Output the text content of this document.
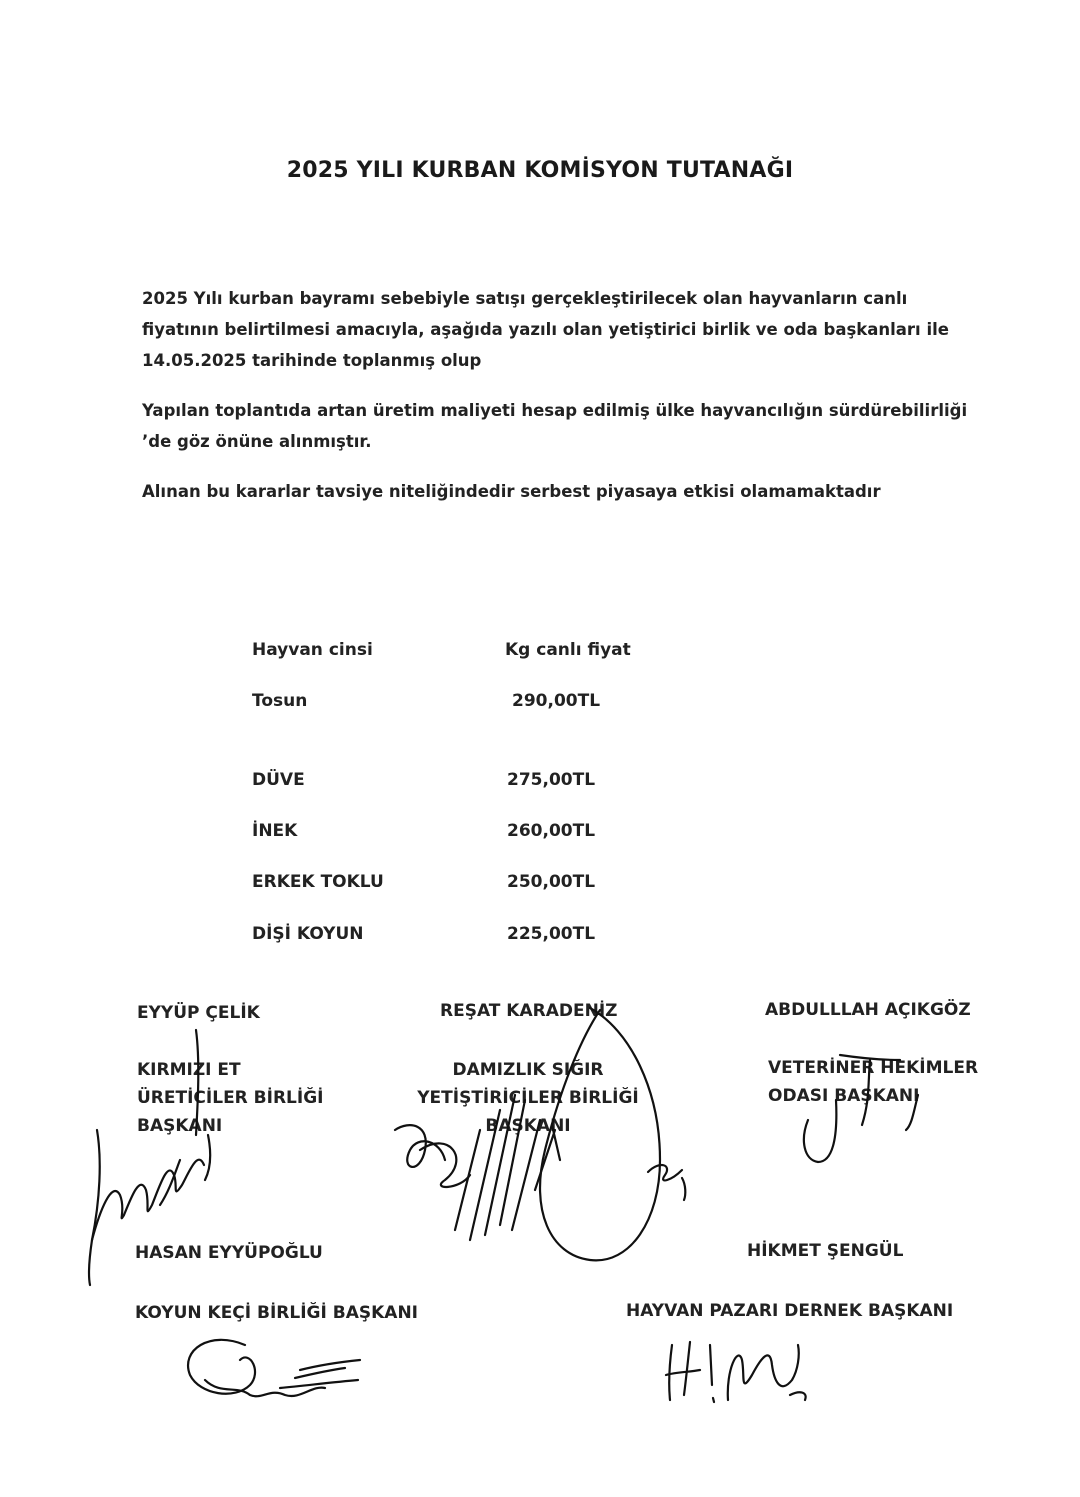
2025 YILI KURBAN KOMİSYON TUTANAĞI
2025 Yılı kurban bayramı sebebiyle satışı gerçekleştirilecek olan hayvanların canlı fiyatının belirtilmesi amacıyla, aşağıda yazılı olan yetiştirici birlik ve oda başkanları ile 14.05.2025 tarihinde toplanmış olup
Yapılan toplantıda artan üretim maliyeti hesap edilmiş ülke hayvancılığın sürdürebilirliği ’de göz önüne alınmıştır.
Alınan bu kararlar tavsiye niteliğindedir serbest piyasaya etkisi olamamaktadır
Hayvan cinsi	Kg canlı fiyat
Tosun	290,00TL
DÜVE	275,00TL
İNEK	260,00TL
ERKEK TOKLU	250,00TL
DİŞİ KOYUN	225,00TL
EYYÜP ÇELİK
KIRMIZI ET ÜRETİCİLER BİRLİĞİ BAŞKANI
REŞAT KARADENİZ
DAMIZLIK SIĞIR YETİŞTİRİCİLER BİRLİĞİ BAŞKANI
ABDULLLAH AÇIKGÖZ
VETERİNER HEKİMLER ODASI BAŞKANI
HASAN EYYÜPOĞLU
KOYUN KEÇİ BİRLİĞİ BAŞKANI
HİKMET ŞENGÜL
HAYVAN PAZARI DERNEK BAŞKANI
